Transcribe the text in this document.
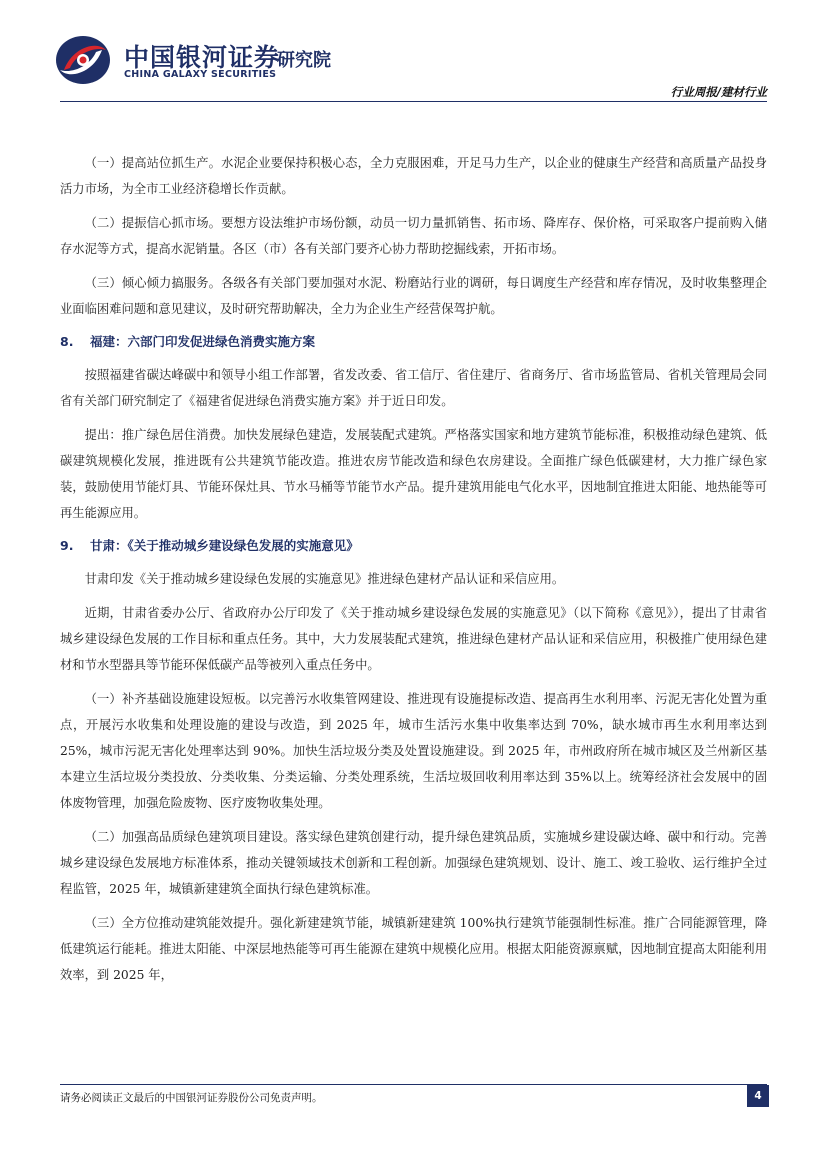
中国银河证券
CHINA GALAXY SECURITIES
研究院
行业周报/建材行业

（一）提高站位抓生产。水泥企业要保持积极心态，全力克服困难，开足马力生产，以企业的健康生产经营和高质量产品投身活力市场，为全市工业经济稳增长作贡献。

（二）提振信心抓市场。要想方设法维护市场份额，动员一切力量抓销售、拓市场、降库存、保价格，可采取客户提前购入储存水泥等方式，提高水泥销量。各区（市）各有关部门要齐心协力帮助挖掘线索，开拓市场。

（三）倾心倾力搞服务。各级各有关部门要加强对水泥、粉磨站行业的调研，每日调度生产经营和库存情况，及时收集整理企业面临困难问题和意见建议，及时研究帮助解决，全力为企业生产经营保驾护航。

8. 福建：六部门印发促进绿色消费实施方案

按照福建省碳达峰碳中和领导小组工作部署，省发改委、省工信厅、省住建厅、省商务厅、省市场监管局、省机关管理局会同省有关部门研究制定了《福建省促进绿色消费实施方案》并于近日印发。

提出：推广绿色居住消费。加快发展绿色建造，发展装配式建筑。严格落实国家和地方建筑节能标准，积极推动绿色建筑、低碳建筑规模化发展，推进既有公共建筑节能改造。推进农房节能改造和绿色农房建设。全面推广绿色低碳建材，大力推广绿色家装，鼓励使用节能灯具、节能环保灶具、节水马桶等节能节水产品。提升建筑用能电气化水平，因地制宜推进太阳能、地热能等可再生能源应用。

9. 甘肃：《关于推动城乡建设绿色发展的实施意见》

甘肃印发《关于推动城乡建设绿色发展的实施意见》推进绿色建材产品认证和采信应用。

近期，甘肃省委办公厅、省政府办公厅印发了《关于推动城乡建设绿色发展的实施意见》（以下简称《意见》），提出了甘肃省城乡建设绿色发展的工作目标和重点任务。其中，大力发展装配式建筑，推进绿色建材产品认证和采信应用，积极推广使用绿色建材和节水型器具等节能环保低碳产品等被列入重点任务中。

（一）补齐基础设施建设短板。以完善污水收集管网建设、推进现有设施提标改造、提高再生水利用率、污泥无害化处置为重点，开展污水收集和处理设施的建设与改造，到 2025 年，城市生活污水集中收集率达到 70%，缺水城市再生水利用率达到 25%，城市污泥无害化处理率达到 90%。加快生活垃圾分类及处置设施建设。到 2025 年，市州政府所在城市城区及兰州新区基本建立生活垃圾分类投放、分类收集、分类运输、分类处理系统，生活垃圾回收利用率达到 35%以上。统筹经济社会发展中的固体废物管理，加强危险废物、医疗废物收集处理。

（二）加强高品质绿色建筑项目建设。落实绿色建筑创建行动，提升绿色建筑品质，实施城乡建设碳达峰、碳中和行动。完善城乡建设绿色发展地方标准体系，推动关键领域技术创新和工程创新。加强绿色建筑规划、设计、施工、竣工验收、运行维护全过程监管，2025 年，城镇新建建筑全面执行绿色建筑标准。

（三）全方位推动建筑能效提升。强化新建建筑节能，城镇新建建筑 100%执行建筑节能强制性标准。推广合同能源管理，降低建筑运行能耗。推进太阳能、中深层地热能等可再生能源在建筑中规模化应用。根据太阳能资源禀赋，因地制宜提高太阳能利用效率，到 2025 年，

请务必阅读正文最后的中国银河证券股份公司免责声明。	4
